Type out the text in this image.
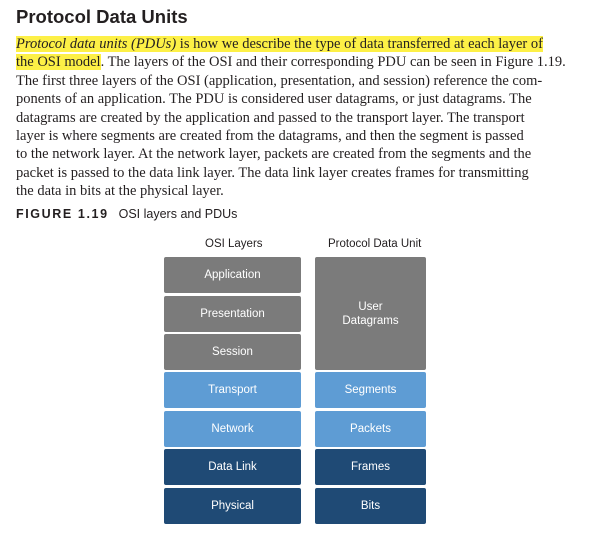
Protocol Data Units
Protocol data units (PDUs) is how we describe the type of data transferred at each layer of
the OSI model. The layers of the OSI and their corresponding PDU can be seen in Figure 1.19.
The first three layers of the OSI (application, presentation, and session) reference the com-
ponents of an application. The PDU is considered user datagrams, or just datagrams. The
datagrams are created by the application and passed to the transport layer. The transport
layer is where segments are created from the datagrams, and then the segment is passed
to the network layer. At the network layer, packets are created from the segments and the
packet is passed to the data link layer. The data link layer creates frames for transmitting
the data in bits at the physical layer.
FIGURE 1.19 OSI layers and PDUs
OSI Layers	Protocol Data Unit
Application
Presentation
Session
Transport
Network
Data Link
Physical
User
Datagrams
Segments
Packets
Frames
Bits
